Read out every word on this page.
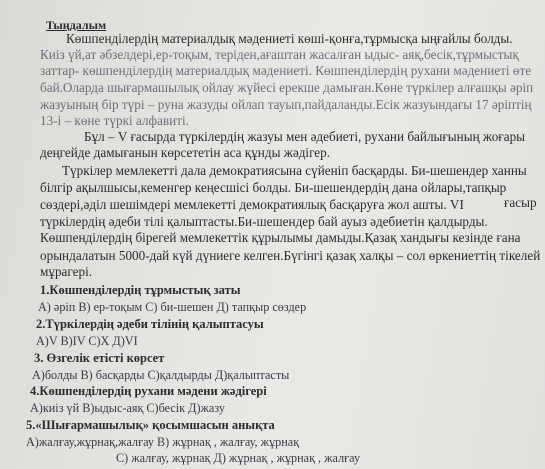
Тыңдалым
Көшпенділердің материалдық мәдениеті көші-қонға,тұрмысқа ыңғайлы болды.
Киіз үй,ат әбзелдері,ер-тоқым, теріден,ағаштан жасалған ыдыс- аяқ,бесік,тұрмыстық
заттар- көшпенділердің материалдық мәдениеті. Көшпенділердің рухани мәдениеті өте
бай.Оларда шығармашылық ойлау жүйесі ерекше дамыған.Көне түркілер алғашқы әріп
жазуының бір түрі – руна жазуды ойлап тауып,пайдаланды.Есік жазуындағы 17 әріптің
13-і – көне түркі алфавиті.
Бұл – V ғасырда түркілердің жазуы мен әдебиеті, рухани байлығының жоғары
деңгейде дамығанын көрсететін аса құнды жәдігер.
Түркілер мемлекетті дала демократиясына сүйеніп басқарды. Би-шешендер ханны
білгір ақылшысы,кеменгер кеңесшісі болды. Би-шешендердің дана ойлары,тапқыр
сөздері,әділ шешімдері мемлекетті демократиялық басқаруға жол ашты. VI	ғасыр
түркілердің әдеби тілі қалыптасты.Би-шешендер бай ауыз әдебиетін қалдырды.
Көшпенділердің бірегей мемлекеттік құрылымы дамыды.Қазақ хандығы кезінде ғана
орындалатын 5000-дай күй дүниеге келген.Бүгінгі қазақ халқы – сол өркениеттің тікелей
мұрагері.
1.Көшпенділердің тұрмыстық заты
А) әріп В) ер-тоқым С) би-шешен Д) тапқыр сөздер
2.Түркілердің әдеби тілінің қалыптасуы
А)V В)IV С)X Д)VI
3. Өзгелік етісті көрсет
А)болды В) басқарды С)қалдырды Д)қалыптасты
4.Көшпенділердің рухани мәдени жәдігері
А)киіз үй В)ыдыс-аяқ С)бесік Д)жазу
5.«Шығармашылық» қосымшасын анықта
А)жалғау,жұрнақ,жалғау В) жұрнақ , жалғау, жұрнақ
С) жалғау, жұрнақ Д) жұрнақ , жұрнақ , жалғау
